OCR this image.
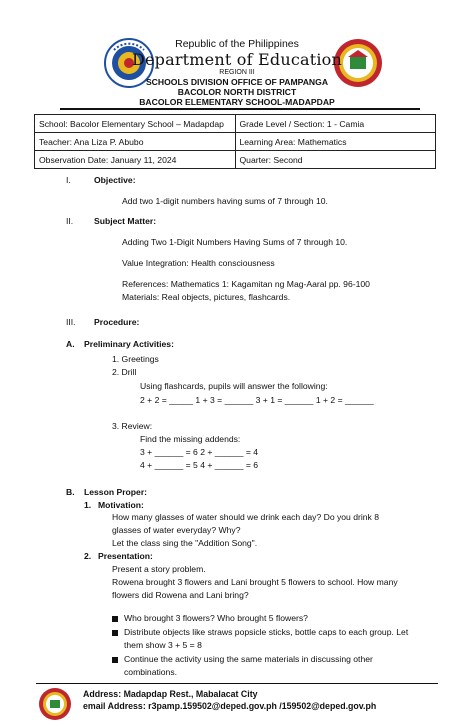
Republic of the Philippines
Department of Education
REGION III
SCHOOLS DIVISION OFFICE OF PAMPANGA
BACOLOR NORTH DISTRICT
BACOLOR ELEMENTARY SCHOOL-MADAPDAP
School: Bacolor Elementary School – Madapdap	Grade Level / Section: 1 - Camia
Teacher: Ana Liza P. Abubo	Learning Area: Mathematics
Observation Date: January 11, 2024	Quarter: Second
I.	Objective:
Add two 1-digit numbers having sums of 7 through 10.
II. Subject Matter:
Adding Two 1-Digit Numbers Having Sums of 7 through 10.
Value Integration: Health consciousness
References: Mathematics 1: Kagamitan ng Mag-Aaral pp. 96-100
Materials: Real objects, pictures, flashcards.
III. Procedure:
A. Preliminary Activities:
1. Greetings
2. Drill
Using flashcards, pupils will answer the following:
2 + 2 = _____ 1 + 3 = ______ 3 + 1 = ______ 1 + 2 = ______
3. Review:
Find the missing addends:
3 + ______ = 6 2 + ______ = 4
4 + ______ = 5 4 + ______ = 6
B. Lesson Proper:
1. Motivation:
How many glasses of water should we drink each day? Do you drink 8
glasses of water everyday? Why?
Let the class sing the "Addition Song".
2. Presentation:
Present a story problem.
Rowena brought 3 flowers and Lani brought 5 flowers to school. How many
flowers did Rowena and Lani bring?
Who brought 3 flowers? Who brought 5 flowers?
Distribute objects like straws popsicle sticks, bottle caps to each group. Let
them show 3 + 5 = 8
Continue the activity using the same materials in discussing other
combinations.
Address: Madapdap Rest., Mabalacat City
email Address: r3pamp.159502@deped.gov.ph /159502@deped.gov.ph
